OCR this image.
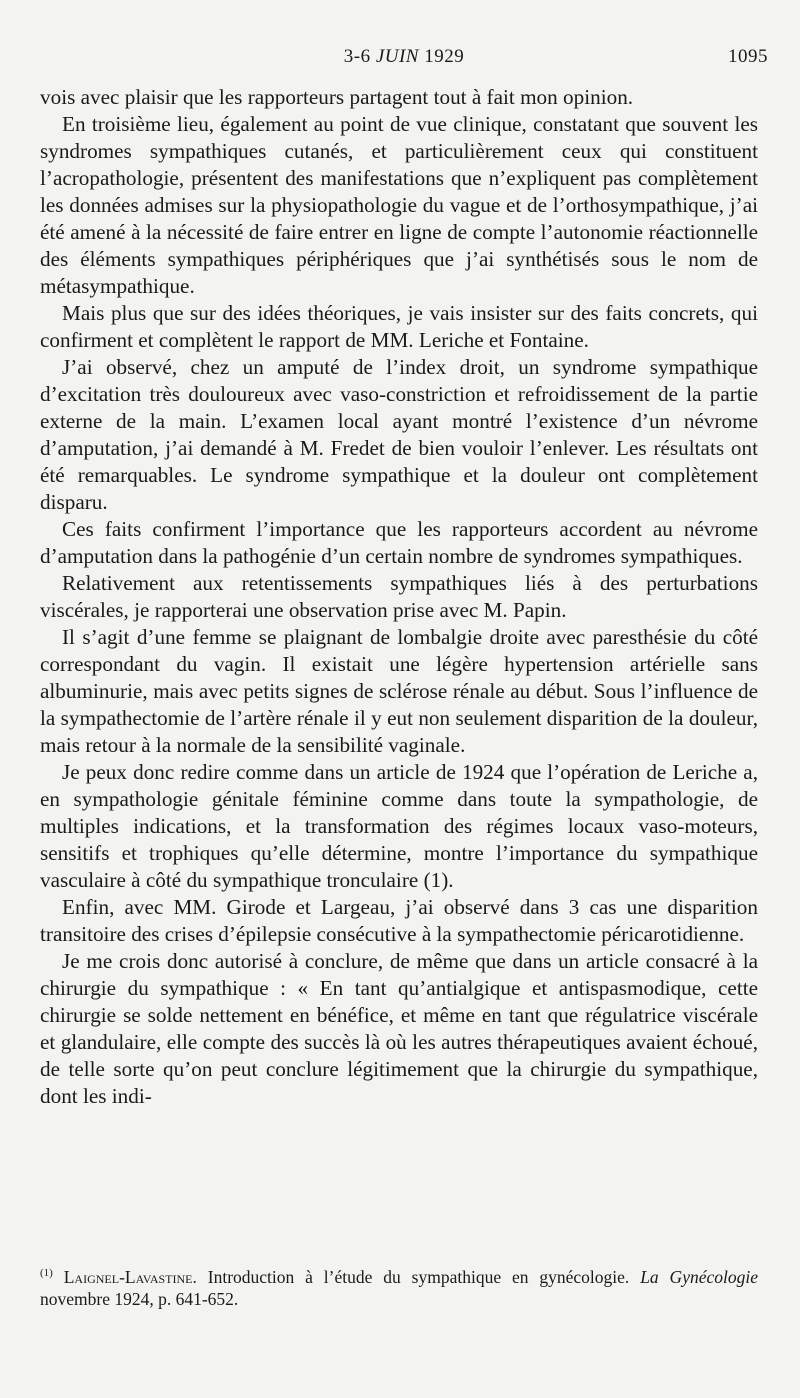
3-6 JUIN 1929	1095

vois avec plaisir que les rapporteurs partagent tout à fait mon opinion.

En troisième lieu, également au point de vue clinique, constatant que souvent les syndromes sympathiques cutanés, et particulièrement ceux qui constituent l’acropathologie, présentent des manifestations que n’expliquent pas complètement les données admises sur la physiopathologie du vague et de l’orthosympathique, j’ai été amené à la nécessité de faire entrer en ligne de compte l’autonomie réactionnelle des éléments sympathiques périphériques que j’ai synthétisés sous le nom de métasympathique.

Mais plus que sur des idées théoriques, je vais insister sur des faits concrets, qui confirment et complètent le rapport de MM. Leriche et Fontaine.

J’ai observé, chez un amputé de l’index droit, un syndrome sympathique d’excitation très douloureux avec vaso-constriction et refroidissement de la partie externe de la main. L’examen local ayant montré l’existence d’un névrome d’amputation, j’ai demandé à M. Fredet de bien vouloir l’enlever. Les résultats ont été remarquables. Le syndrome sympathique et la douleur ont complètement disparu.

Ces faits confirment l’importance que les rapporteurs accordent au névrome d’amputation dans la pathogénie d’un certain nombre de syndromes sympathiques.

Relativement aux retentissements sympathiques liés à des perturbations viscérales, je rapporterai une observation prise avec M. Papin.

Il s’agit d’une femme se plaignant de lombalgie droite avec paresthésie du côté correspondant du vagin. Il existait une légère hypertension artérielle sans albuminurie, mais avec petits signes de sclérose rénale au début. Sous l’influence de la sympathectomie de l’artère rénale il y eut non seulement disparition de la douleur, mais retour à la normale de la sensibilité vaginale.

Je peux donc redire comme dans un article de 1924 que l’opération de Leriche a, en sympathologie génitale féminine comme dans toute la sympathologie, de multiples indications, et la transformation des régimes locaux vaso-moteurs, sensitifs et trophiques qu’elle détermine, montre l’importance du sympathique vasculaire à côté du sympathique tronculaire (1).

Enfin, avec MM. Girode et Largeau, j’ai observé dans 3 cas une disparition transitoire des crises d’épilepsie consécutive à la sympathectomie péricarotidienne.

Je me crois donc autorisé à conclure, de même que dans un article consacré à la chirurgie du sympathique : « En tant qu’antialgique et antispasmodique, cette chirurgie se solde nettement en bénéfice, et même en tant que régulatrice viscérale et glandulaire, elle compte des succès là où les autres thérapeutiques avaient échoué, de telle sorte qu’on peut conclure légitimement que la chirurgie du sympathique, dont les indi-

$^{(1)}$ Laignel-Lavastine. Introduction à l’étude du sympathique en gynécologie. La Gynécologie novembre 1924, p. 641-652.
